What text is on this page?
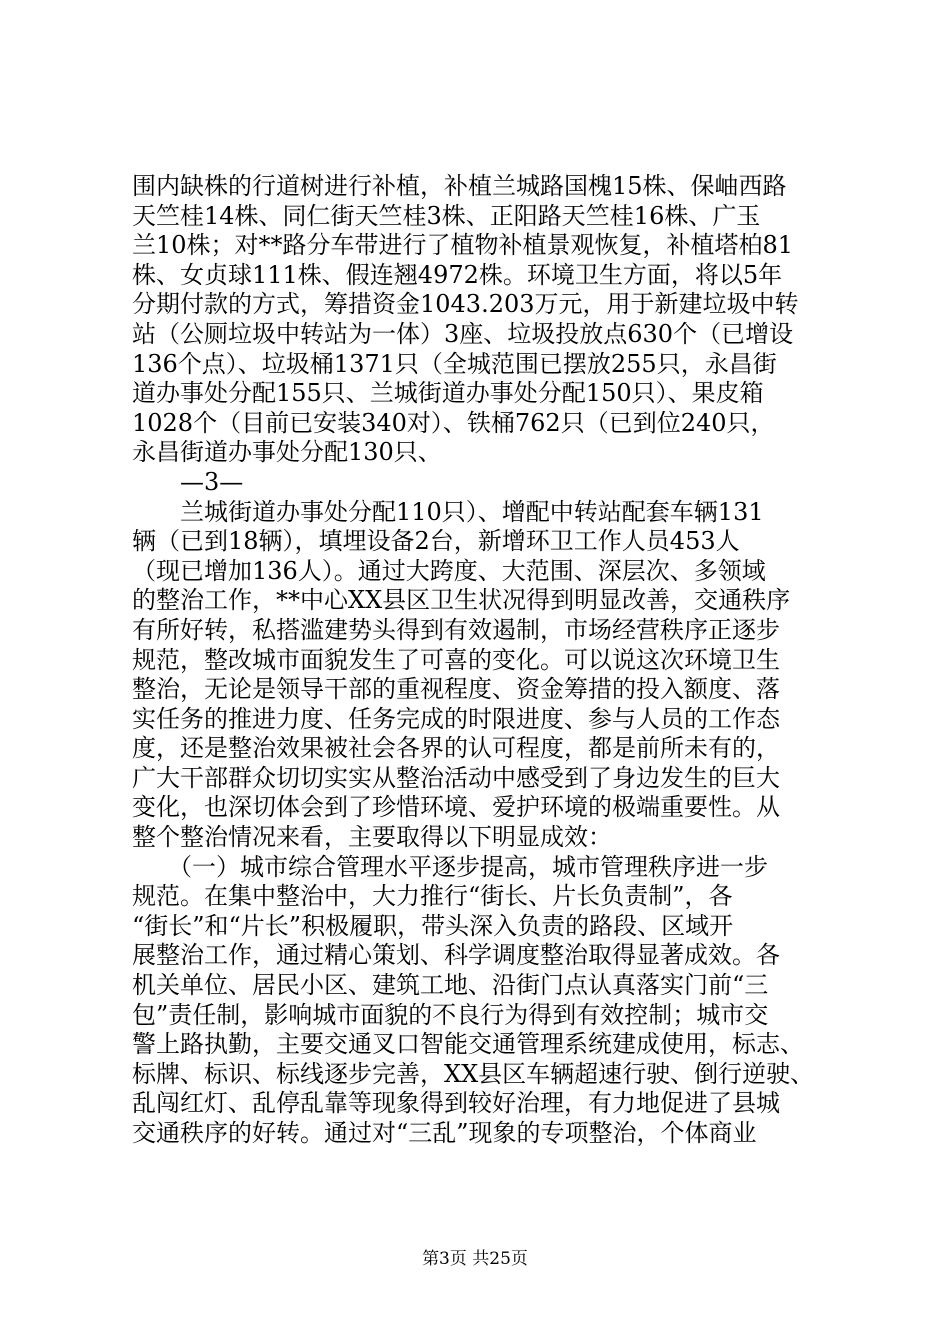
围内缺株的行道树进行补植，补植兰城路国槐15株、保岫西路
天竺桂14株、同仁街天竺桂3株、正阳路天竺桂16株、广玉
兰10株；对**路分车带进行了植物补植景观恢复，补植塔柏81
株、女贞球111株、假连翘4972株。环境卫生方面，将以5年
分期付款的方式，筹措资金1043.203万元，用于新建垃圾中转
站（公厕垃圾中转站为一体）3座、垃圾投放点630个（已增设
136个点）、垃圾桶1371只（全城范围已摆放255只，永昌街
道办事处分配155只、兰城街道办事处分配150只）、果皮箱
1028个（目前已安装340对）、铁桶762只（已到位240只，
永昌街道办事处分配130只、
　　—3—
　　兰城街道办事处分配110只）、增配中转站配套车辆131
辆（已到18辆），填埋设备2台，新增环卫工作人员453人
（现已增加136人）。通过大跨度、大范围、深层次、多领域
的整治工作，**中心XX县区卫生状况得到明显改善，交通秩序
有所好转，私搭滥建势头得到有效遏制，市场经营秩序正逐步
规范，整改城市面貌发生了可喜的变化。可以说这次环境卫生
整治，无论是领导干部的重视程度、资金筹措的投入额度、落
实任务的推进力度、任务完成的时限进度、参与人员的工作态
度，还是整治效果被社会各界的认可程度，都是前所未有的，
广大干部群众切切实实从整治活动中感受到了身边发生的巨大
变化，也深切体会到了珍惜环境、爱护环境的极端重要性。从
整个整治情况来看，主要取得以下明显成效：
　　（一）城市综合管理水平逐步提高，城市管理秩序进一步
规范。在集中整治中，大力推行“街长、片长负责制”，各
“街长”和“片长”积极履职，带头深入负责的路段、区域开
展整治工作，通过精心策划、科学调度整治取得显著成效。各
机关单位、居民小区、建筑工地、沿街门点认真落实门前“三
包”责任制，影响城市面貌的不良行为得到有效控制；城市交
警上路执勤，主要交通叉口智能交通管理系统建成使用，标志、
标牌、标识、标线逐步完善，XX县区车辆超速行驶、倒行逆驶、
乱闯红灯、乱停乱靠等现象得到较好治理，有力地促进了县城
交通秩序的好转。通过对“三乱”现象的专项整治，个体商业
第3页 共25页
